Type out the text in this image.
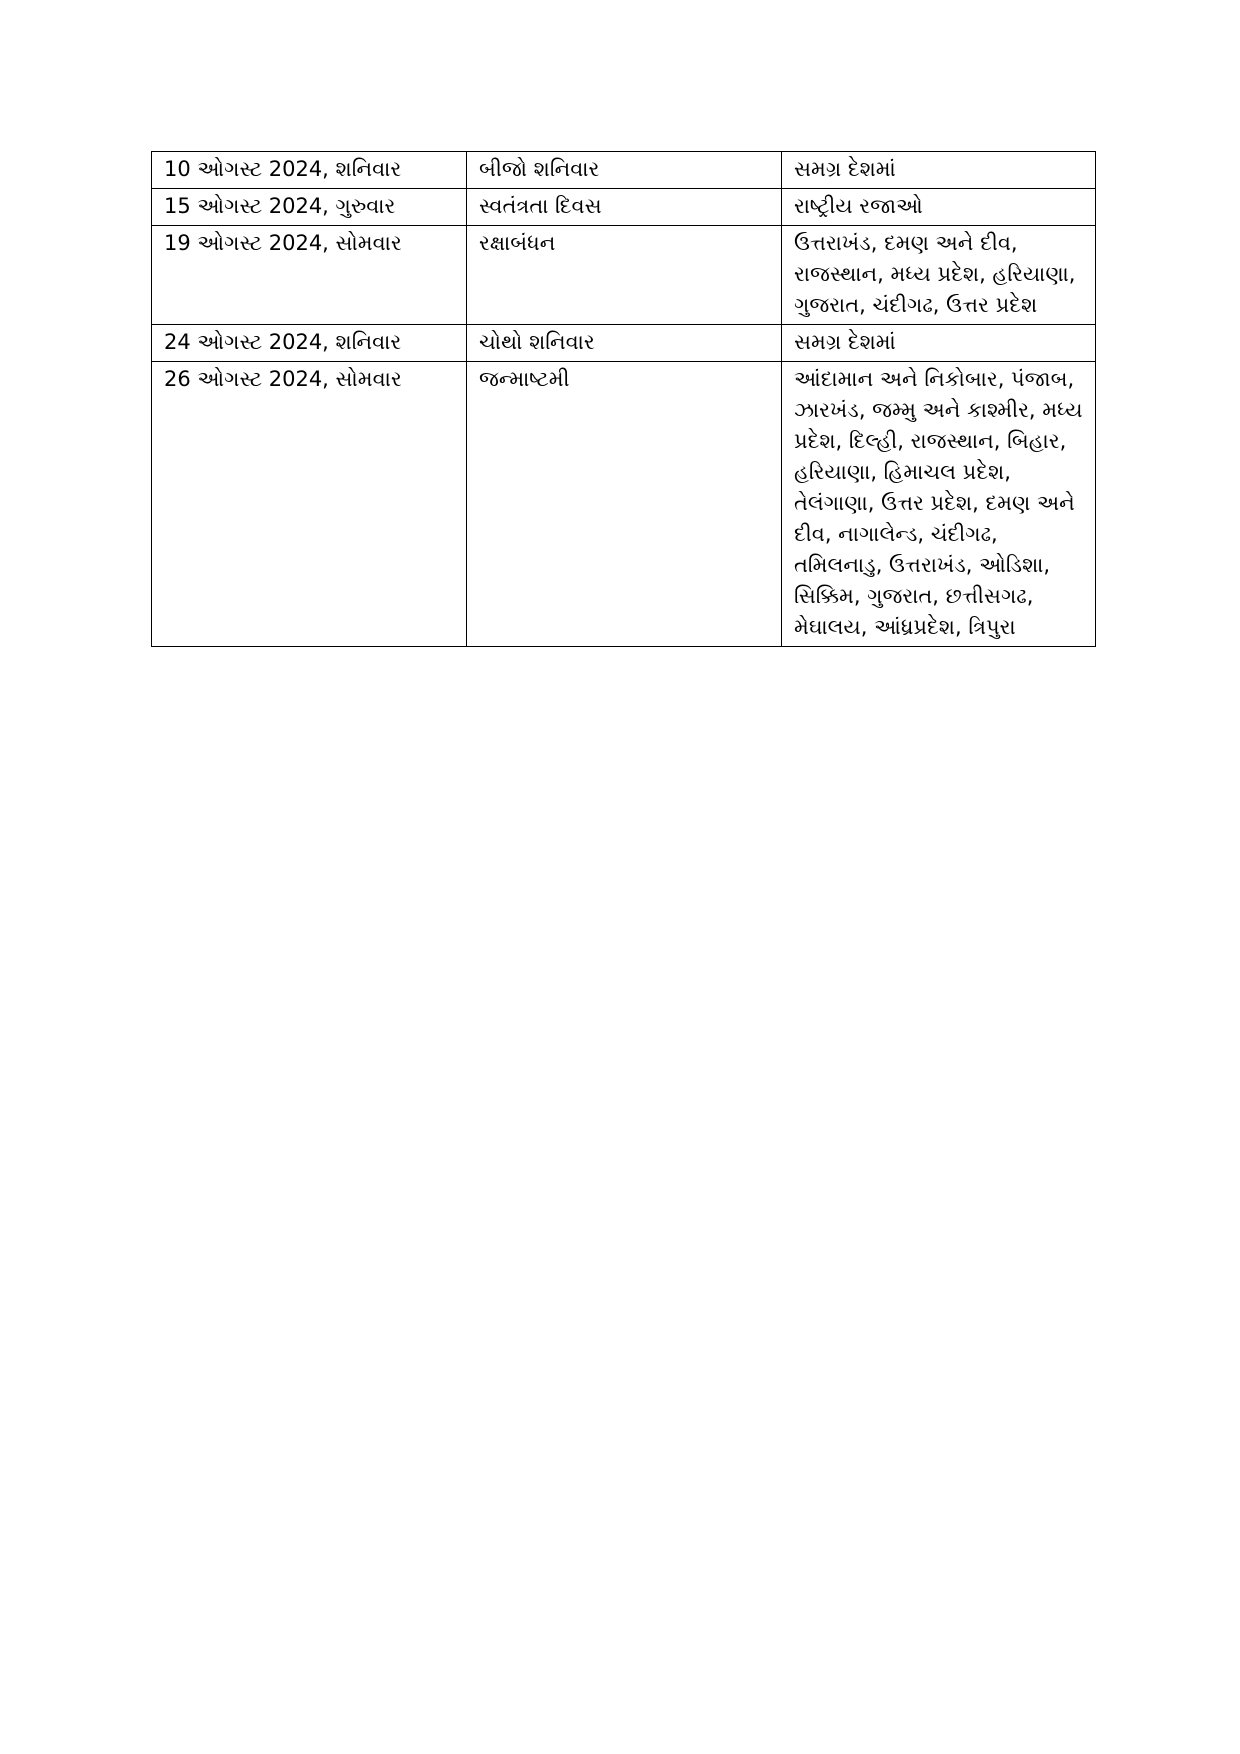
10 ઓગસ્ટ 2024, શનિવાર	બીજો શનિવાર	સમગ્ર દેશમાં
15 ઓગસ્ટ 2024, ગુરુવાર	સ્વતંત્રતા દિવસ	રાષ્ટ્રીય રજાઓ
19 ઓગસ્ટ 2024, સોમવાર	રક્ષાબંધન	ઉત્તરાખંડ, દમણ અને દીવ, રાજસ્થાન, મધ્ય પ્રદેશ, હરિયાણા, ગુજરાત, ચંદીગઢ, ઉત્તર પ્રદેશ
24 ઓગસ્ટ 2024, શનિવાર	ચોથો શનિવાર	સમગ્ર દેશમાં
26 ઓગસ્ટ 2024, સોમવાર	જન્માષ્ટમી	આંદામાન અને નિકોબાર, પંજાબ, ઝારખંડ, જમ્મુ અને કાશ્મીર, મધ્ય પ્રદેશ, દિલ્હી, રાજસ્થાન, બિહાર, હરિયાણા, હિમાચલ પ્રદેશ, તેલંગાણા, ઉત્તર પ્રદેશ, દમણ અને દીવ, નાગાલેન્ડ, ચંદીગઢ, તમિલનાડુ, ઉત્તરાખંડ, ઓડિશા, સિક્કિમ, ગુજરાત, છત્તીસગઢ, મેઘાલય, આંધ્રપ્રદેશ, ત્રિપુરા
